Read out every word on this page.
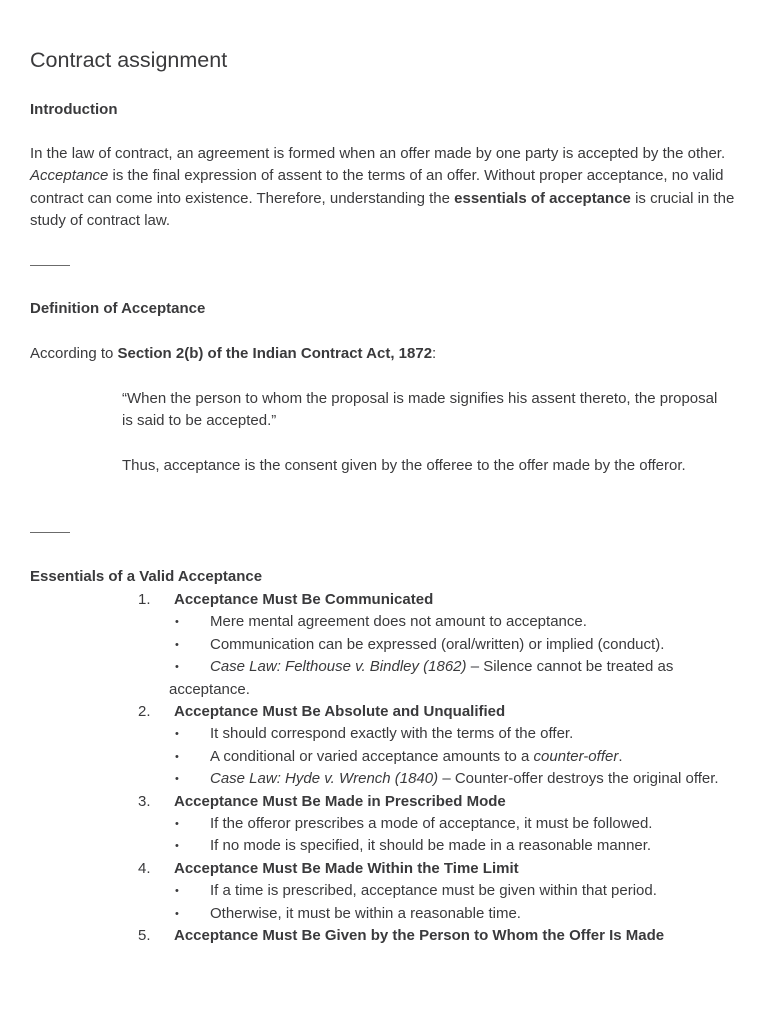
Contract assignment
Introduction

In the law of contract, an agreement is formed when an offer made by one party is accepted by the other. Acceptance is the final expression of assent to the terms of an offer. Without proper acceptance, no valid contract can come into existence. Therefore, understanding the essentials of acceptance is crucial in the study of contract law.

Definition of Acceptance

According to Section 2(b) of the Indian Contract Act, 1872:

“When the person to whom the proposal is made signifies his assent thereto, the proposal is said to be accepted.”

Thus, acceptance is the consent given by the offeree to the offer made by the offeror.

Essentials of a Valid Acceptance
1. Acceptance Must Be Communicated
•	Mere mental agreement does not amount to acceptance.
•	Communication can be expressed (oral/written) or implied (conduct).
•	Case Law: Felthouse v. Bindley (1862) – Silence cannot be treated as acceptance.
2. Acceptance Must Be Absolute and Unqualified
•	It should correspond exactly with the terms of the offer.
•	A conditional or varied acceptance amounts to a counter-offer.
•	Case Law: Hyde v. Wrench (1840) – Counter-offer destroys the original offer.
3. Acceptance Must Be Made in Prescribed Mode
•	If the offeror prescribes a mode of acceptance, it must be followed.
•	If no mode is specified, it should be made in a reasonable manner.
4. Acceptance Must Be Made Within the Time Limit
•	If a time is prescribed, acceptance must be given within that period.
•	Otherwise, it must be within a reasonable time.
5. Acceptance Must Be Given by the Person to Whom the Offer Is Made
